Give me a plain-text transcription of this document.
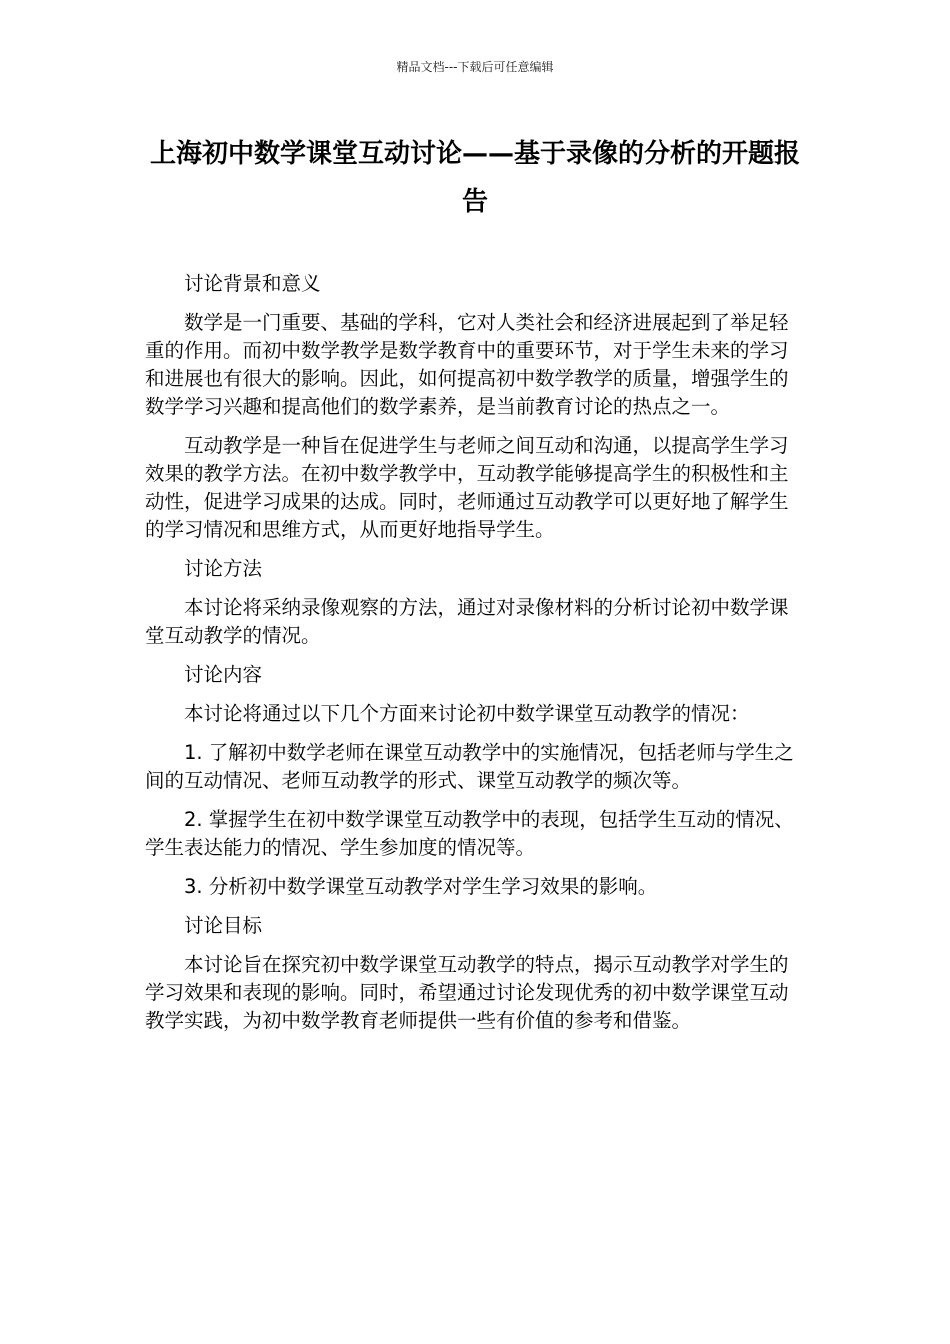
精品文档---下载后可任意编辑
上海初中数学课堂互动讨论——基于录像的分析的开题报告

讨论背景和意义

数学是一门重要、基础的学科，它对人类社会和经济进展起到了举足轻重的作用。而初中数学教学是数学教育中的重要环节，对于学生未来的学习和进展也有很大的影响。因此，如何提高初中数学教学的质量，增强学生的数学学习兴趣和提高他们的数学素养，是当前教育讨论的热点之一。

互动教学是一种旨在促进学生与老师之间互动和沟通，以提高学生学习效果的教学方法。在初中数学教学中，互动教学能够提高学生的积极性和主动性，促进学习成果的达成。同时，老师通过互动教学可以更好地了解学生的学习情况和思维方式，从而更好地指导学生。

讨论方法

本讨论将采纳录像观察的方法，通过对录像材料的分析讨论初中数学课堂互动教学的情况。

讨论内容

本讨论将通过以下几个方面来讨论初中数学课堂互动教学的情况：

1. 了解初中数学老师在课堂互动教学中的实施情况，包括老师与学生之间的互动情况、老师互动教学的形式、课堂互动教学的频次等。

2. 掌握学生在初中数学课堂互动教学中的表现，包括学生互动的情况、学生表达能力的情况、学生参加度的情况等。

3. 分析初中数学课堂互动教学对学生学习效果的影响。

讨论目标

本讨论旨在探究初中数学课堂互动教学的特点，揭示互动教学对学生的学习效果和表现的影响。同时，希望通过讨论发现优秀的初中数学课堂互动教学实践，为初中数学教育老师提供一些有价值的参考和借鉴。
